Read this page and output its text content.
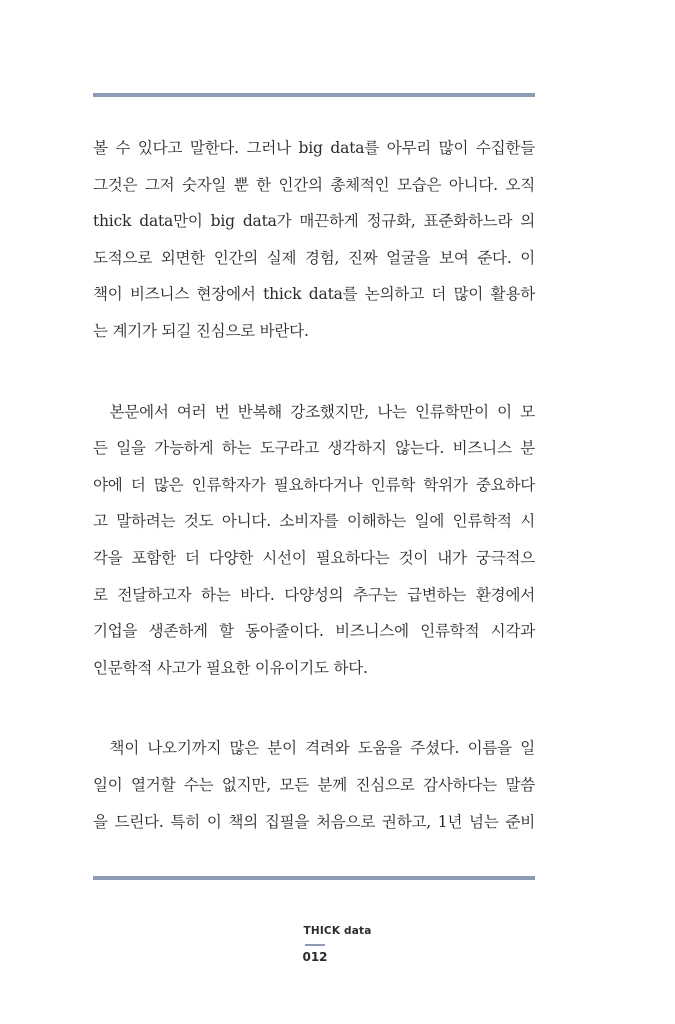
볼 수 있다고 말한다. 그러나 big data를 아무리 많이 수집한들
그것은 그저 숫자일 뿐 한 인간의 총체적인 모습은 아니다. 오직
thick data만이 big data가 매끈하게 정규화, 표준화하느라 의
도적으로 외면한 인간의 실제 경험, 진짜 얼굴을 보여 준다. 이
책이 비즈니스 현장에서 thick data를 논의하고 더 많이 활용하
는 계기가 되길 진심으로 바란다.

본문에서 여러 번 반복해 강조했지만, 나는 인류학만이 이 모
든 일을 가능하게 하는 도구라고 생각하지 않는다. 비즈니스 분
야에 더 많은 인류학자가 필요하다거나 인류학 학위가 중요하다
고 말하려는 것도 아니다. 소비자를 이해하는 일에 인류학적 시
각을 포함한 더 다양한 시선이 필요하다는 것이 내가 궁극적으
로 전달하고자 하는 바다. 다양성의 추구는 급변하는 환경에서
기업을 생존하게 할 동아줄이다. 비즈니스에 인류학적 시각과
인문학적 사고가 필요한 이유이기도 하다.

책이 나오기까지 많은 분이 격려와 도움을 주셨다. 이름을 일
일이 열거할 수는 없지만, 모든 분께 진심으로 감사하다는 말씀
을 드린다. 특히 이 책의 집필을 처음으로 권하고, 1년 넘는 준비

THICK data
012
